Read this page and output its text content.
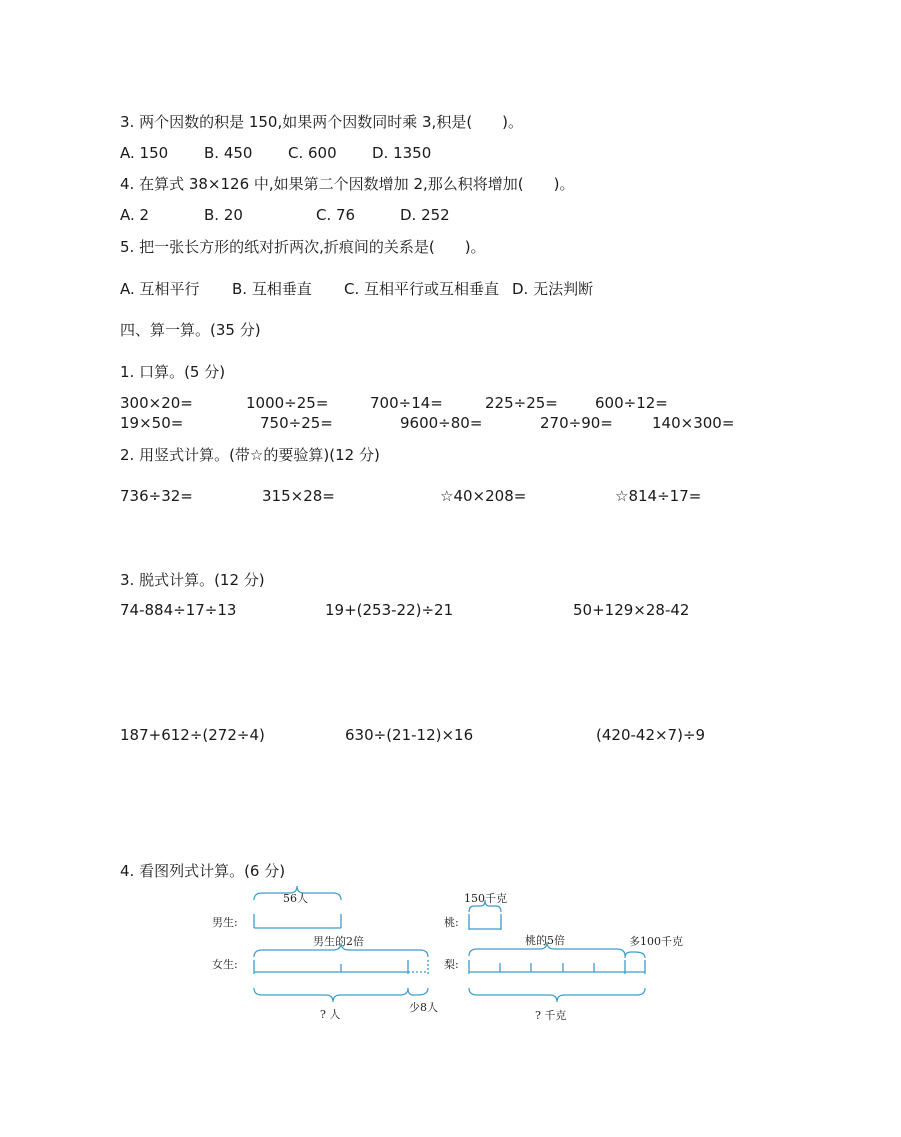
3. 两个因数的积是 150,如果两个因数同时乘 3,积是(　　)。
A. 150 B. 450 C. 600 D. 1350
4. 在算式 38×126 中,如果第二个因数增加 2,那么积将增加(　　)。
A. 2	B. 20	C. 76	D. 252
5. 把一张长方形的纸对折两次,折痕间的关系是(　　)。
A. 互相平行 B. 互相垂直 C. 互相平行或互相垂直 D. 无法判断
四、算一算。(35 分)
1. 口算。(5 分)
300×20=	1000÷25=	700÷14=	225÷25= 600÷12=
19×50=	750÷25=	9600÷80=	270÷90=	140×300=
2. 用竖式计算。(带☆的要验算)(12 分)
736÷32=	315×28=	☆40×208=	☆814÷17=
3. 脱式计算。(12 分)
74-884÷17÷13	19+(253-22)÷21	50+129×28-42
187+612÷(272÷4)	630÷(21-12)×16	(420-42×7)÷9
4. 看图列式计算。(6 分)
男生:
56人
女生:
男生的2倍
? 人
少8人
桃:
150千克
梨:
桃的5倍	多100千克
? 千克
